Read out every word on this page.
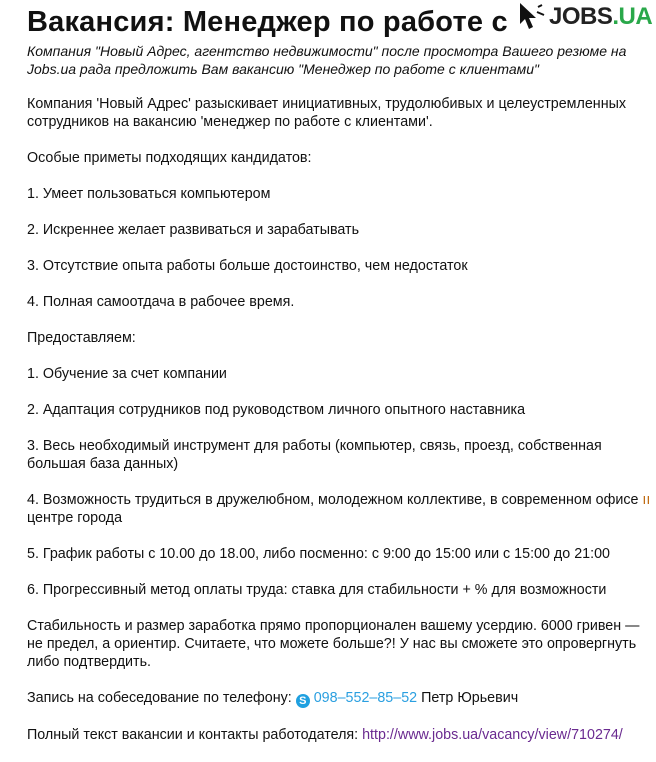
Вакансия: Менеджер по работе с JOBS.UA
Компания "Новый Адрес, агентство недвижимости" после просмотра Вашего резюме на
Jobs.ua рада предложить Вам вакансию "Менеджер по работе с клиентами"

Компания 'Новый Адрес' разыскивает инициативных, трудолюбивых и целеустремленных
сотрудников на вакансию 'менеджер по работе с клиентами'.

Особые приметы подходящих кандидатов:

1. Умеет пользоваться компьютером

2. Искреннее желает развиваться и зарабатывать

3. Отсутствие опыта работы больше достоинство, чем недостаток

4. Полная самоотдача в рабочее время.

Предоставляем:

1. Обучение за счет компании

2. Адаптация сотрудников под руководством личного опытного наставника

3. Весь необходимый инструмент для работы (компьютер, связь, проезд, собственная
большая база данных)

4. Возможность трудиться в дружелюбном, молодежном коллективе, в современном офисе ıı
центре города

5. График работы с 10.00 до 18.00, либо посменно: с 9:00 до 15:00 или с 15:00 до 21:00

6. Прогрессивный метод оплаты труда: ставка для стабильности + % для возможности

Стабильность и размер заработка прямо пропорционален вашему усердию. 6000 гривен —
не предел, а ориентир. Считаете, что можете больше?! У нас вы сможете это опровергнуть
либо подтвердить.

Запись на собеседование по телефону: S 098–552–85–52 Петр Юрьевич

Полный текст вакансии и контакты работодателя: http://www.jobs.ua/vacancy/view/710274/
